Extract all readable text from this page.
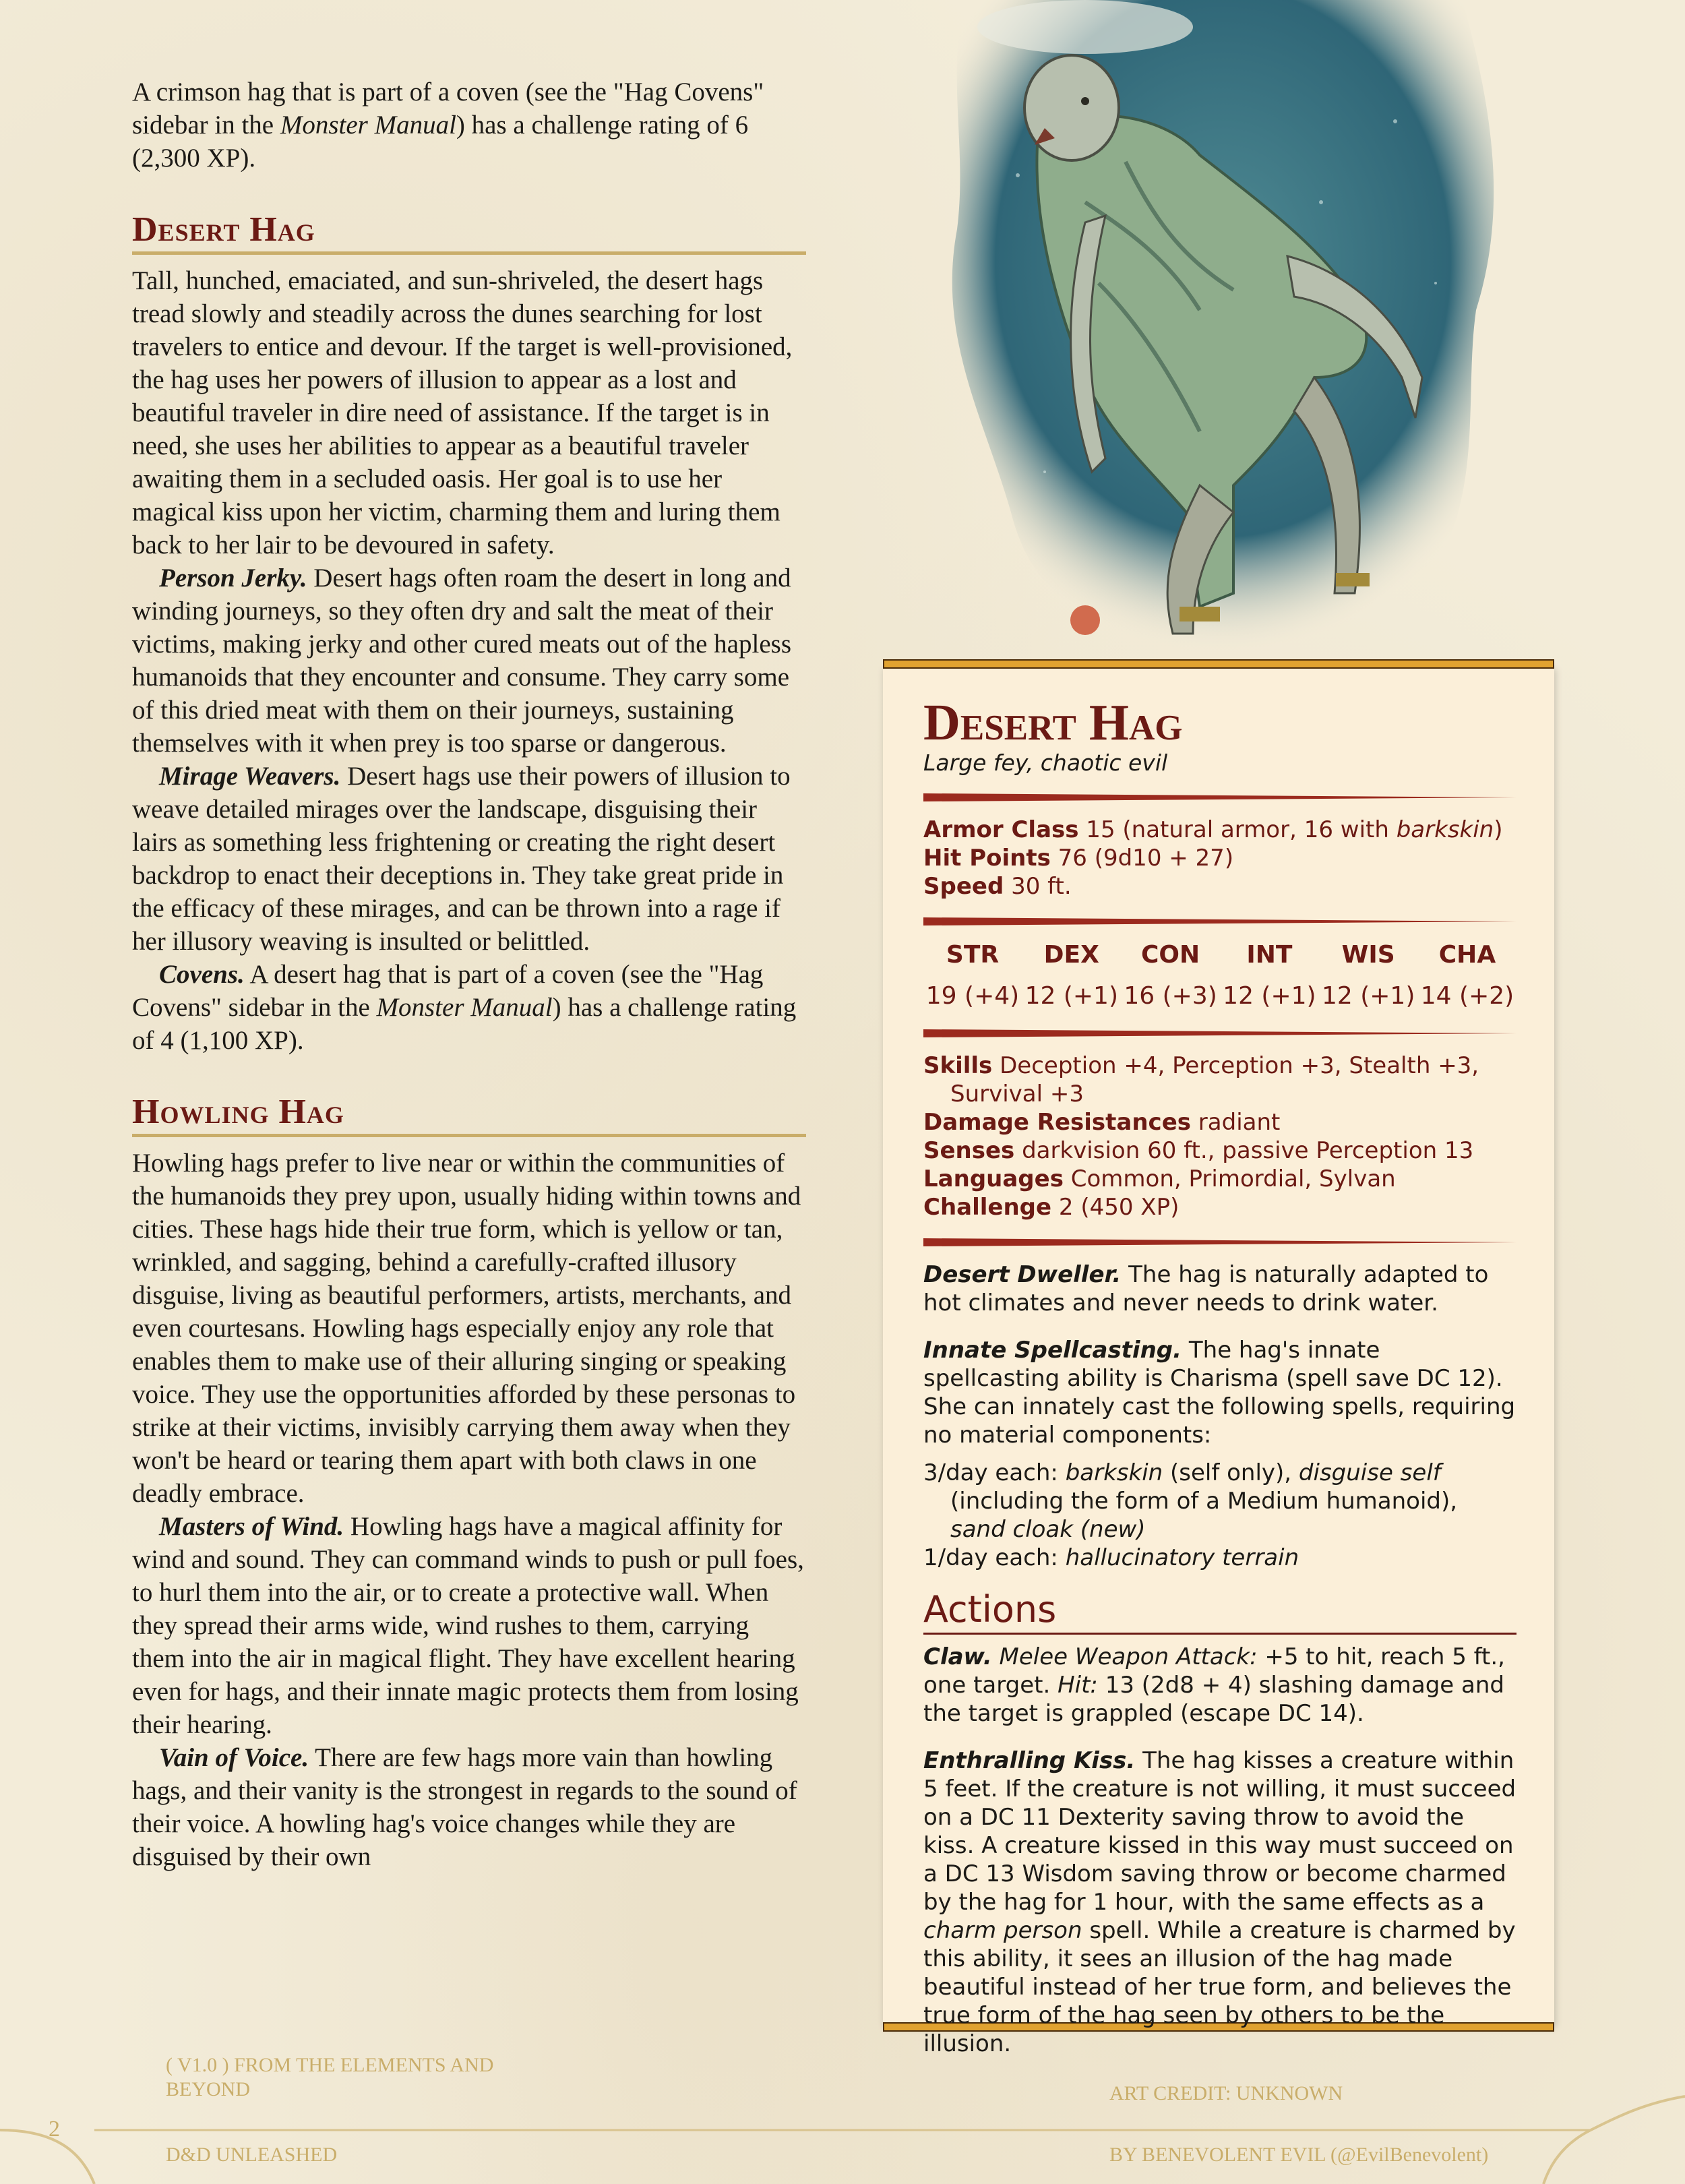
A crimson hag that is part of a coven (see the "Hag Covens" sidebar in the Monster Manual) has a challenge rating of 6 (2,300 XP).

Desert Hag

Tall, hunched, emaciated, and sun-shriveled, the desert hags tread slowly and steadily across the dunes searching for lost travelers to entice and devour. If the target is well-provisioned, the hag uses her powers of illusion to appear as a lost and beautiful traveler in dire need of assistance. If the target is in need, she uses her abilities to appear as a beautiful traveler awaiting them in a secluded oasis. Her goal is to use her magical kiss upon her victim, charming them and luring them back to her lair to be devoured in safety.

Person Jerky. Desert hags often roam the desert in long and winding journeys, so they often dry and salt the meat of their victims, making jerky and other cured meats out of the hapless humanoids that they encounter and consume. They carry some of this dried meat with them on their journeys, sustaining themselves with it when prey is too sparse or dangerous.

Mirage Weavers. Desert hags use their powers of illusion to weave detailed mirages over the landscape, disguising their lairs as something less frightening or creating the right desert backdrop to enact their deceptions in. They take great pride in the efficacy of these mirages, and can be thrown into a rage if her illusory weaving is insulted or belittled.

Covens. A desert hag that is part of a coven (see the "Hag Covens" sidebar in the Monster Manual) has a challenge rating of 4 (1,100 XP).

Howling Hag

Howling hags prefer to live near or within the communities of the humanoids they prey upon, usually hiding within towns and cities. These hags hide their true form, which is yellow or tan, wrinkled, and sagging, behind a carefully-crafted illusory disguise, living as beautiful performers, artists, merchants, and even courtesans. Howling hags especially enjoy any role that enables them to make use of their alluring singing or speaking voice. They use the opportunities afforded by these personas to strike at their victims, invisibly carrying them away when they won't be heard or tearing them apart with both claws in one deadly embrace.

Masters of Wind. Howling hags have a magical affinity for wind and sound. They can command winds to push or pull foes, to hurl them into the air, or to create a protective wall. When they spread their arms wide, wind rushes to them, carrying them into the air in magical flight. They have excellent hearing even for hags, and their innate magic protects them from losing their hearing.

Vain of Voice. There are few hags more vain than howling hags, and their vanity is the strongest in regards to the sound of their voice. A howling hag's voice changes while they are disguised by their own

Desert Hag
Large fey, chaotic evil
Armor Class 15 (natural armor, 16 with barkskin)
Hit Points 76 (9d10 + 27)
Speed 30 ft.
STR
19 (+4)
DEX
12 (+1)
CON
16 (+3)
INT
12 (+1)
WIS
12 (+1)
CHA
14 (+2)
Skills Deception +4, Perception +3, Stealth +3, Survival +3
Damage Resistances radiant
Senses darkvision 60 ft., passive Perception 13
Languages Common, Primordial, Sylvan
Challenge 2 (450 XP)
Desert Dweller. The hag is naturally adapted to hot climates and never needs to drink water.
Innate Spellcasting. The hag's innate spellcasting ability is Charisma (spell save DC 12). She can innately cast the following spells, requiring no material components:
3/day each: barkskin (self only), disguise self (including the form of a Medium humanoid), sand cloak (new)
1/day each: hallucinatory terrain
Actions
Claw. Melee Weapon Attack: +5 to hit, reach 5 ft., one target. Hit: 13 (2d8 + 4) slashing damage and the target is grappled (escape DC 14).
Enthralling Kiss. The hag kisses a creature within 5 feet. If the creature is not willing, it must succeed on a DC 11 Dexterity saving throw to avoid the kiss. A creature kissed in this way must succeed on a DC 13 Wisdom saving throw or become charmed by the hag for 1 hour, with the same effects as a charm person spell. While a creature is charmed by this ability, it sees an illusion of the hag made beautiful instead of her true form, and believes the true form of the hag seen by others to be the illusion.
( V1.0 ) FROM THE ELEMENTS AND BEYOND	ART CREDIT: UNKNOWN
2
D&D UNLEASHED	BY BENEVOLENT EVIL (@EvilBenevolent)
